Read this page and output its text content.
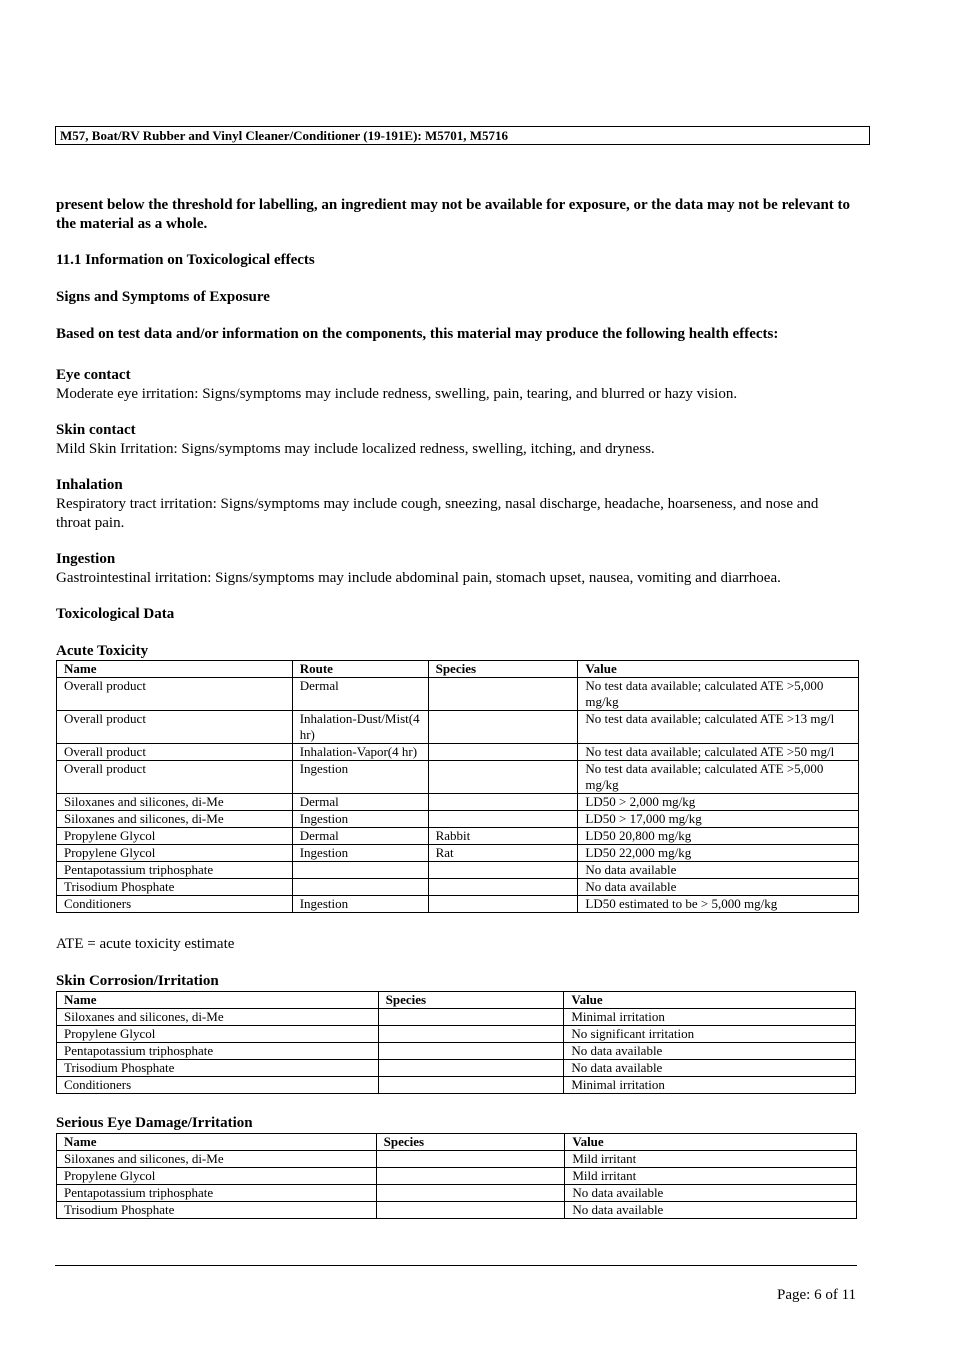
M57, Boat/RV Rubber and Vinyl Cleaner/Conditioner (19-191E): M5701, M5716
present below the threshold for labelling, an ingredient may not be available for exposure, or the data may not be relevant to the material as a whole.
11.1 Information on Toxicological effects
Signs and Symptoms of Exposure
Based on test data and/or information on the components, this material may produce the following health effects:
Eye contact
Moderate eye irritation: Signs/symptoms may include redness, swelling, pain, tearing, and blurred or hazy vision.
Skin contact
Mild Skin Irritation: Signs/symptoms may include localized redness, swelling, itching, and dryness.
Inhalation
Respiratory tract irritation: Signs/symptoms may include cough, sneezing, nasal discharge, headache, hoarseness, and nose and throat pain.
Ingestion
Gastrointestinal irritation: Signs/symptoms may include abdominal pain, stomach upset, nausea, vomiting and diarrhoea.
Toxicological Data
Acute Toxicity
Name	Route	Species	Value
Overall product	Dermal		No test data available; calculated ATE >5,000 mg/kg
Overall product	Inhalation-Dust/Mist(4 hr)		No test data available; calculated ATE >13 mg/l
Overall product	Inhalation-Vapor(4 hr)		No test data available; calculated ATE >50 mg/l
Overall product	Ingestion		No test data available; calculated ATE >5,000 mg/kg
Siloxanes and silicones, di-Me	Dermal		LD50 > 2,000 mg/kg
Siloxanes and silicones, di-Me	Ingestion		LD50 > 17,000 mg/kg
Propylene Glycol	Dermal	Rabbit	LD50 20,800 mg/kg
Propylene Glycol	Ingestion	Rat	LD50 22,000 mg/kg
Pentapotassium triphosphate			No data available
Trisodium Phosphate			No data available
Conditioners	Ingestion		LD50 estimated to be > 5,000 mg/kg
ATE = acute toxicity estimate
Skin Corrosion/Irritation
Name	Species	Value
Siloxanes and silicones, di-Me		Minimal irritation
Propylene Glycol		No significant irritation
Pentapotassium triphosphate		No data available
Trisodium Phosphate		No data available
Conditioners		Minimal irritation
Serious Eye Damage/Irritation
Name	Species	Value
Siloxanes and silicones, di-Me		Mild irritant
Propylene Glycol		Mild irritant
Pentapotassium triphosphate		No data available
Trisodium Phosphate		No data available
Page: 6 of 11
